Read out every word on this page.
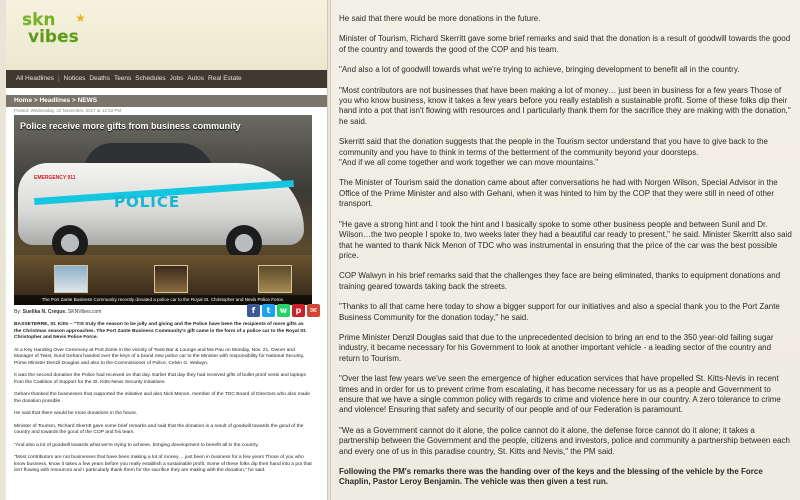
skn
vibes
★
All Headlines | Notices Deaths Teens Schedules Jobs Autos Real Estate
Home > Headlines > NEWS
Posted: Wednesday, 22 November, 2017 at 12:03 PM
EMERGENCY 911
POLICE
Police receive more gifts from business community
The Port Zante Business Community recently donated a police car to the Royal St. Christopher and Nevis Police Force.
By: Suelika N. Creque. SKNVibes.com	f	t	w	p	✉

BASSETERRE, St. Kitts – "TIS truly the season to be jolly and giving and the Police have been the recipients of more gifts as the Christmas season approaches. The Port Zante Business Community's gift came in the form of a police car to the Royal St. Christopher and Nevis Police Force.

At a Key Handing Over Ceremony at Port Zante in the vicinity of Twist Bar & Lounge and Ma Pau on Monday, Nov. 21, Owner and Manager of Twist, Sunil Gehani handed over the keys of a brand new police car to the Minister with responsibility for National Security, Prime Minister Denzil Douglas and also to the Commissioner of Police, Celvin G. Walwyn.

It was the second donation the Police had received on that day. Earlier that day they had received gifts of bullet proof vests and laptops from the Coalition of Support for the St. Kitts-Nevis Security Initiatives.

Gehani thanked the businesses that supported the initiative and also Nick Menon, member of the TDC Board of Directors who also made the donation possible.

He said that there would be more donations in the future.

Minister of Tourism, Richard Skerritt gave some brief remarks and said that the donation is a result of goodwill towards the good of the country and towards the good of the COP and his team.

"And also a lot of goodwill towards what we're trying to achieve, bringing development to benefit all in the country.

"Most contributors are not businesses that have been making a lot of money… just been in business for a few years Those of you who know business, know it takes a few years before you really establish a sustainable profit. Some of these folks dip their hand into a pot that isn't flowing with resources and I particularly thank them for the sacrifice they are making with the donation," he said.

He said that there would be more donations in the future.

Minister of Tourism, Richard Skerritt gave some brief remarks and said that the donation is a result of goodwill towards the good of the country and towards the good of the COP and his team.

"And also a lot of goodwill towards what we're trying to achieve, bringing development to benefit all in the country.

"Most contributors are not businesses that have been making a lot of money… just been in business for a few years Those of you who know business, know it takes a few years before you really establish a sustainable profit. Some of these folks dip their hand into a pot that isn't flowing with resources and I particularly thank them for the sacrifice they are making with the donation," he said.

Skerritt said that the donation suggests that the people in the Tourism sector understand that you have to give back to the community and you have to think in terms of the betterment of the community beyond your doorsteps.

"And if we all come together and work together we can move mountains."

The Minister of Tourism said the donation came about after conversations he had with Norgen Wilson, Special Advisor in the Office of the Prime Minister and also with Gehani, when it was hinted to him by the COP that they were still in need of other transport.

"He gave a strong hint and I took the hint and I basically spoke to some other business people and between Sunil and Dr. Wilson…the two people I spoke to, two weeks later they had a beautiful car ready to present," he said. Minister Skerritt also said that he wanted to thank Nick Menon of TDC who was instrumental in ensuring that the price of the car was the best possible price.

COP Walwyn in his brief remarks said that the challenges they face are being eliminated, thanks to equipment donations and training geared towards taking back the streets.

"Thanks to all that came here today to show a bigger support for our initiatives and also a special thank you to the Port Zante Business Community for the donation today," he said.

Prime Minister Denzil Douglas said that due to the unprecedented decision to bring an end to the 350 year-old failing sugar industry, it became necessary for his Government to look at another important vehicle - a leading sector of the country and return to Tourism.

"Over the last few years we've seen the emergence of higher education services that have propelled St. Kitts-Nevis in recent times and in order for us to prevent crime from escalating, it has become necessary for us as a people and Government to ensure that we have a single common policy with regards to crime and violence here in our country. A zero tolerance to crime and violence! Ensuring that safety and security of our people and of our Federation is paramount.

"We as a Government cannot do it alone, the police cannot do it alone, the defense force cannot do it alone; it takes a partnership between the Government and the people, citizens and investors, police and community a partnership between each and every one of us in this paradise country, St. Kitts and Nevis," the PM said.

Following the PM's remarks there was the handing over of the keys and the blessing of the vehicle by the Force Chaplin, Pastor Leroy Benjamin. The vehicle was then given a test run.
